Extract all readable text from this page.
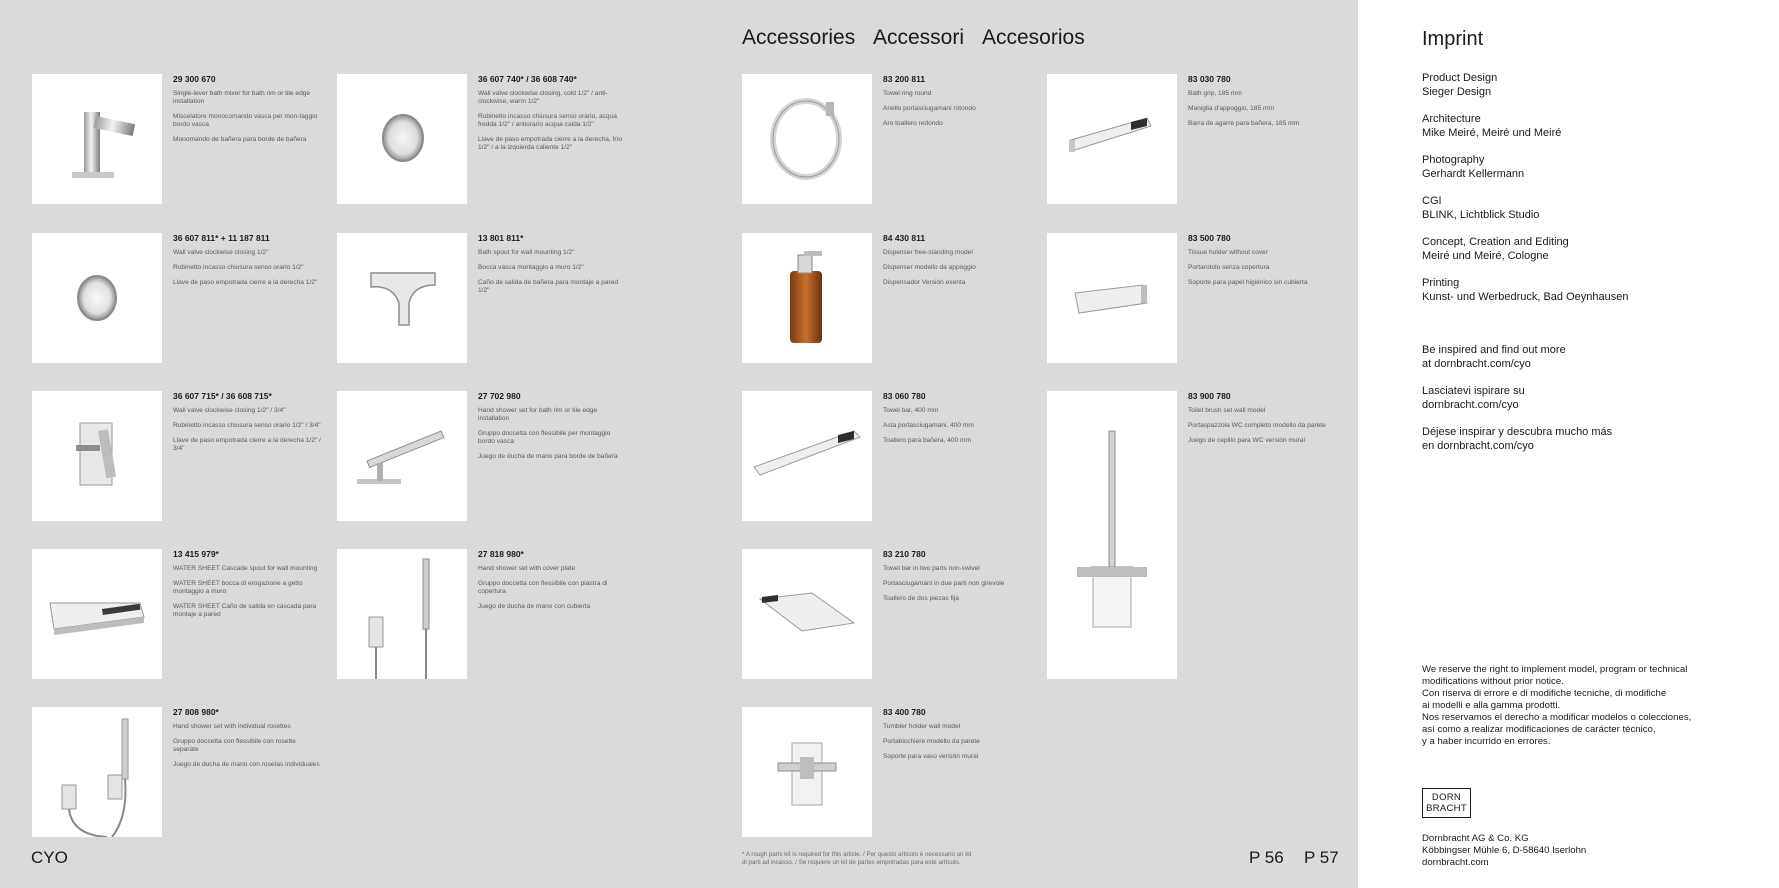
Accessories Accessori Accesorios
29 300 670
Single-lever bath mixer for bath rim or tile edge installation
Miscelatore monocomando vasca per mon-taggio bordo vasca
Monomando de bañera para borde de bañera
36 607 811* + 11 187 811
Wall valve clockwise closing 1/2"
Rubinetto incasso chiusura senso orario 1/2"
Llave de paso empotrada cierre a la derecha 1/2"
36 607 715* / 36 608 715*
Wall valve clockwise closing 1/2" / 3/4"
Rubinetto incasso chiusura senso orario 1/2" / 3/4"
Llave de paso empotrada cierre a la derecha 1/2" / 3/4"
13 415 979*
WATER SHEET Cascade spout for wall mounting
WATER SHEET bocca di erogazione a getto montaggio a muro
WATER SHEET Caño de salida en cascada para montaje a pared
27 808 980*
Hand shower set with individual rosettes
Gruppo doccetta con flessibile con rosette separate
Juego de ducha de mano con rosetas individuales
36 607 740* / 36 608 740*
Wall valve clockwise closing, cold 1/2" / anti-clockwise, warm 1/2"
Rubinetto incasso chiusura senso orario, acqua fredda 1/2" / antiorario acqua calda 1/2"
Llave de paso empotrada cierre a la derecha, frío 1/2" / a la izquierda caliente 1/2"
13 801 811*
Bath spout for wall mounting 1/2"
Bocca vasca montaggio a muro 1/2"
Caño de salida de bañera para montaje a pared 1/2"
27 702 980
Hand shower set for bath rim or tile edge installation
Gruppo doccetta con flessibile per montaggio bordo vasca
Juego de ducha de mano para borde de bañera
27 818 980*
Hand shower set with cover plate
Gruppo doccetta con flessibile con piastra di copertura
Juego de ducha de mano con cubierta
83 200 811
Towel ring round
Anello portasciugamani rotondo
Aro toallero redondo
84 430 811
Dispenser free-standing model
Dispenser modello da appoggio
Dispensador Versión exenta
83 060 780
Towel bar, 400 mm
Asta portasciugamani, 400 mm
Toallero para bañera, 400 mm
83 210 780
Towel bar in two parts non-swivel
Portasciugamani in due parti non girevole
Toallero de dos piezas fija
83 400 780
Tumbler holder wall model
Portabicchiere modello da parete
Soporte para vaso versión mural
83 030 780
Bath grip, 185 mm
Maniglia d'appoggio, 185 mm
Barra de agarre para bañera, 185 mm
83 500 780
Tissue holder without cover
Portarotolo senza copertura
Soporte para papel higiénico sin cubierta
83 900 780
Toilet brush set wall model
Portaspazzola WC completo modello da parete
Juego de cepillo para WC versión mural
CYO	* A rough parts kit is required for this article. / Per questo articolo è necessario un kit
di parti ad incasso. / Se requiere un kit de partes empotradas para este artículo.	P 56 P 57
Imprint
Product Design
Sieger Design
Architecture
Mike Meiré, Meiré und Meiré
Photography
Gerhardt Kellermann
CGI
BLINK, Lichtblick Studio
Concept, Creation and Editing
Meiré und Meiré, Cologne
Printing
Kunst- und Werbedruck, Bad Oeynhausen
Be inspired and find out more
at dornbracht.com/cyo
Lasciatevi ispirare su
dornbracht.com/cyo
Déjese inspirar y descubra mucho más
en dornbracht.com/cyo
We reserve the right to implement model, program or technical
modifications without prior notice.
Con riserva di errore e di modifiche tecniche, di modifiche
ai modelli e alla gamma prodotti.
Nos reservamos el derecho a modificar modelos o colecciones,
así como a realizar modificaciones de carácter técnico,
y a haber incurrido en errores.
DORN
BRACHT
Dornbracht AG & Co. KG
Köbbingser Mühle 6, D-58640 Iserlohn
dornbracht.com
